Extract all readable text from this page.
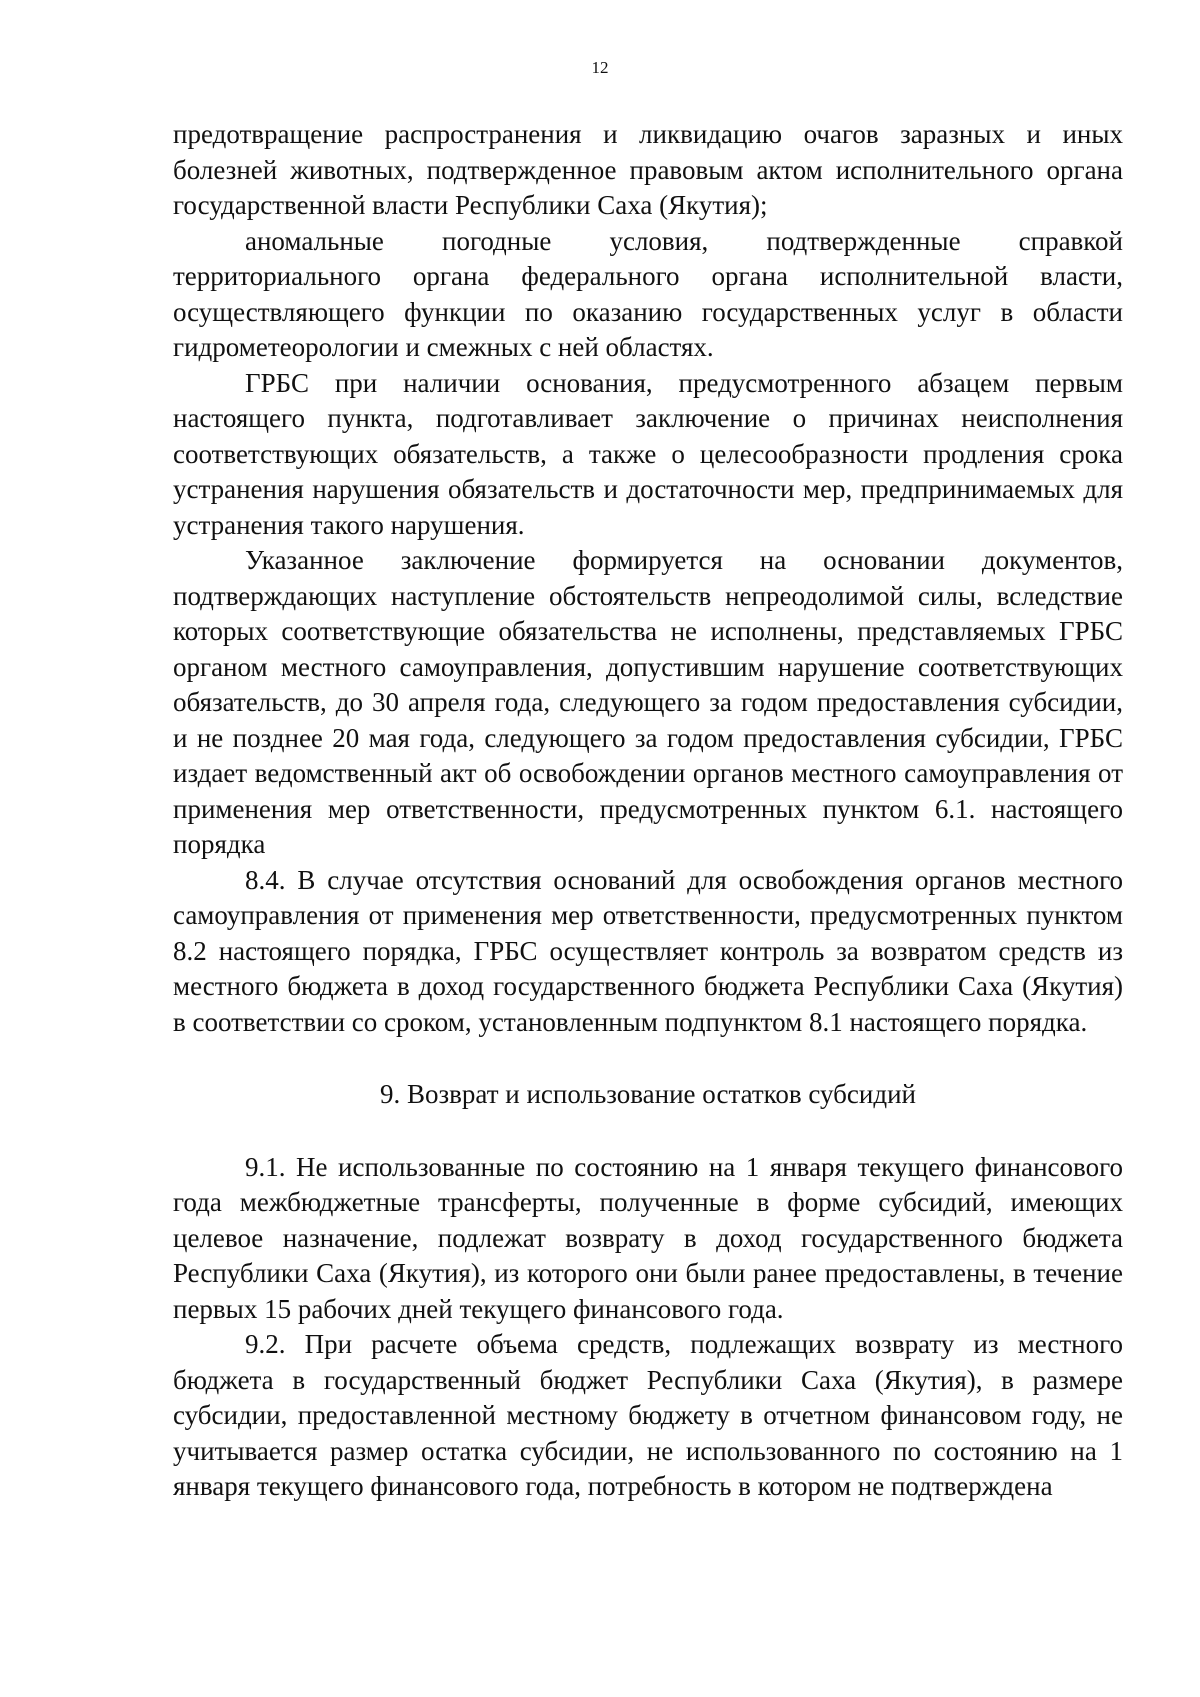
12

предотвращение распространения и ликвидацию очагов заразных и иных болезней животных, подтвержденное правовым актом исполнительного органа государственной власти Республики Саха (Якутия);

аномальные погодные условия, подтвержденные справкой территориального органа федерального органа исполнительной власти, осуществляющего функции по оказанию государственных услуг в области гидрометеорологии и смежных с ней областях.

ГРБС при наличии основания, предусмотренного абзацем первым настоящего пункта, подготавливает заключение о причинах неисполнения соответствующих обязательств, а также о целесообразности продления срока устранения нарушения обязательств и достаточности мер, предпринимаемых для устранения такого нарушения.

Указанное заключение формируется на основании документов, подтверждающих наступление обстоятельств непреодолимой силы, вследствие которых соответствующие обязательства не исполнены, представляемых ГРБС органом местного самоуправления, допустившим нарушение соответствующих обязательств, до 30 апреля года, следующего за годом предоставления субсидии, и не позднее 20 мая года, следующего за годом предоставления субсидии, ГРБС издает ведомственный акт об освобождении органов местного самоуправления от применения мер ответственности, предусмотренных пунктом 6.1. настоящего порядка

8.4. В случае отсутствия оснований для освобождения органов местного самоуправления от применения мер ответственности, предусмотренных пунктом 8.2 настоящего порядка, ГРБС осуществляет контроль за возвратом средств из местного бюджета в доход государственного бюджета Республики Саха (Якутия) в соответствии со сроком, установленным подпунктом 8.1 настоящего порядка.

9. Возврат и использование остатков субсидий

9.1. Не использованные по состоянию на 1 января текущего финансового года межбюджетные трансферты, полученные в форме субсидий, имеющих целевое назначение, подлежат возврату в доход государственного бюджета Республики Саха (Якутия), из которого они были ранее предоставлены, в течение первых 15 рабочих дней текущего финансового года.

9.2. При расчете объема средств, подлежащих возврату из местного бюджета в государственный бюджет Республики Саха (Якутия), в размере субсидии, предоставленной местному бюджету в отчетном финансовом году, не учитывается размер остатка субсидии, не использованного по состоянию на 1 января текущего финансового года, потребность в котором не подтверждена
